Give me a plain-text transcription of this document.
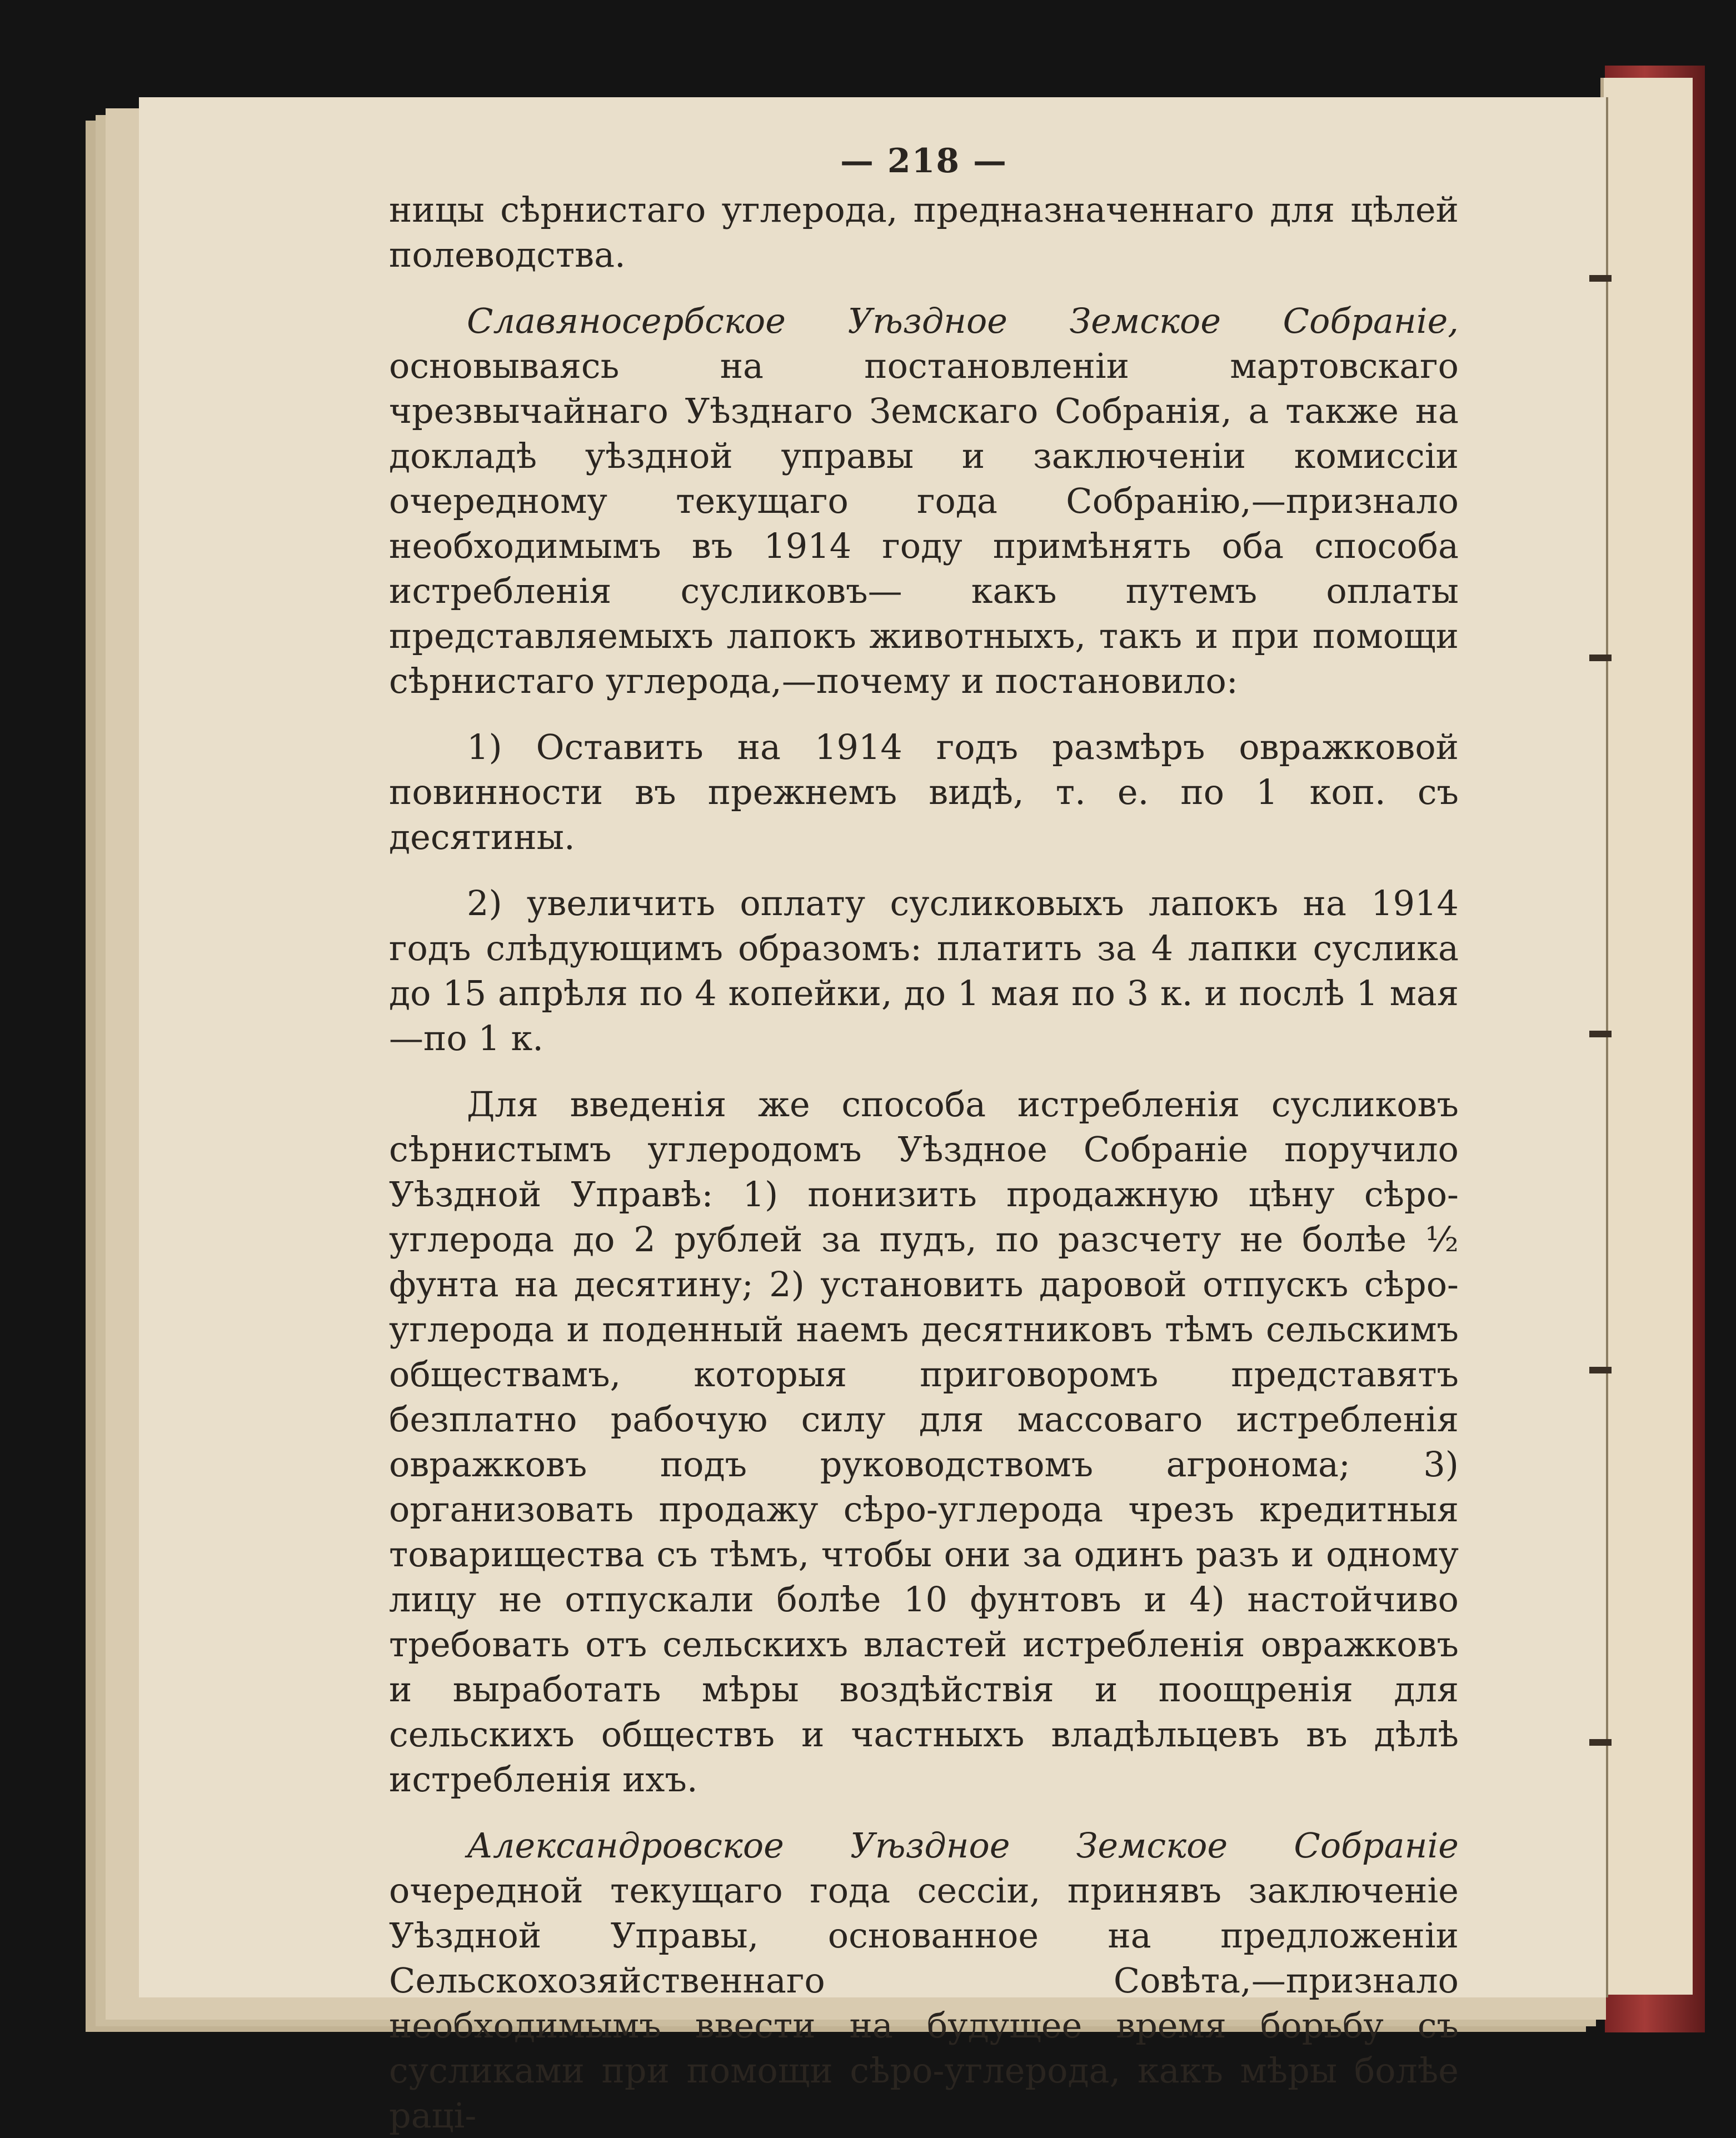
— 218 —

ницы сѣрнистаго углерода, предназначеннаго для цѣлей полеводства.

Славяносербское Уѣздное Земское Собраніе, основываясь на постановленіи мартовскаго чрезвычайнаго Уѣзднаго Земскаго Собранія, а также на докладѣ уѣздной управы и заключеніи комиссіи очередному текущаго года Собранію,—признало необходимымъ въ 1914 году примѣнять оба способа истребленія сусликовъ— какъ путемъ оплаты представляемыхъ лапокъ животныхъ, такъ и при помощи сѣрнистаго углерода,—почему и постановило:

1) Оставить на 1914 годъ размѣръ овражковой повинности въ прежнемъ видѣ, т. е. по 1 коп. съ десятины.

2) увеличить оплату сусликовыхъ лапокъ на 1914 годъ слѣдующимъ образомъ: платить за 4 лапки суслика до 15 апрѣля по 4 копейки, до 1 мая по 3 к. и послѣ 1 мая—по 1 к.

Для введенія же способа истребленія сусликовъ сѣрнистымъ углеродомъ Уѣздное Собраніе поручило Уѣздной Управѣ: 1) понизить продажную цѣну сѣро-углерода до 2 рублей за пудъ, по разсчету не болѣе ½ фунта на десятину; 2) установить даровой отпускъ сѣро-углерода и поденный наемъ десятниковъ тѣмъ сельскимъ обществамъ, которыя приговоромъ представятъ безплатно рабочую силу для массоваго истребленія овражковъ подъ руководствомъ агронома; 3) организовать продажу сѣро-углерода чрезъ кредитныя товарищества съ тѣмъ, чтобы они за одинъ разъ и одному лицу не отпускали болѣе 10 фунтовъ и 4) настойчиво требовать отъ сельскихъ властей истребленія овражковъ и выработать мѣры воздѣйствія и поощренія для сельскихъ обществъ и частныхъ владѣльцевъ въ дѣлѣ истребленія ихъ.

Александровское Уѣздное Земское Собраніе очередной текущаго года сессіи, принявъ заключеніе Уѣздной Управы, основанное на предложеніи Сельскохозяйственнаго Совѣта,—признало необходимымъ ввести на будущее время борьбу съ сусликами при помощи сѣро-углерода, какъ мѣры болѣе раці-
